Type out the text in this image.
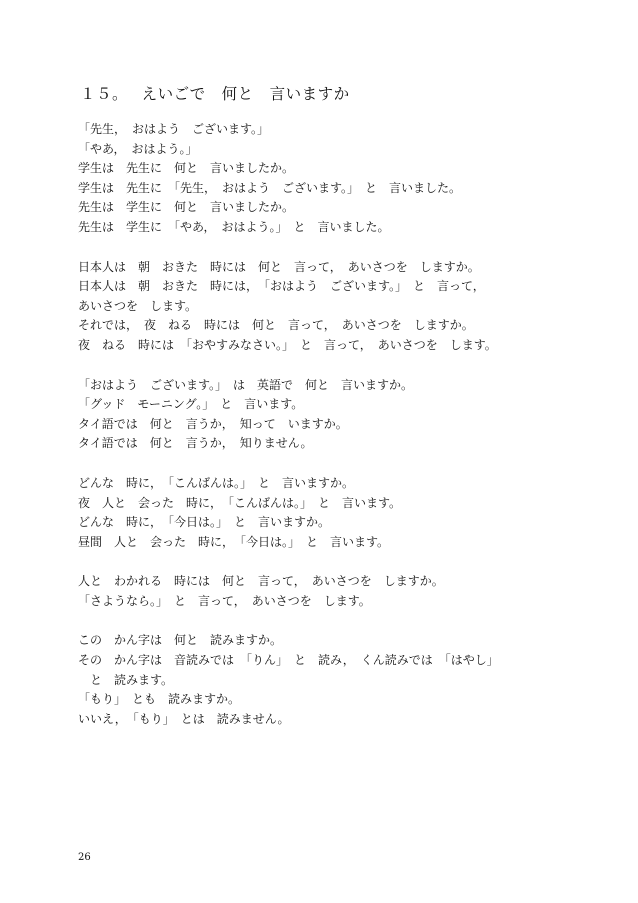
１５。　 えいごで　何と　言いますか
「先生，　おはよう　ございます。」
「やあ，　おはよう。」
学生は　先生に　何と　言いましたか。
学生は　先生に　「先生，　おはよう　ございます。」　と　言いました。
先生は　学生に　何と　言いましたか。
先生は　学生に　「やあ，　おはよう。」　と　言いました。
日本人は　朝　おきた　時には　何と　言って，　あいさつを　しますか。
日本人は　朝　おきた　時には，　「おはよう　ございます。」　と　言って，
あいさつを　します。
それでは，　夜　ねる　時には　何と　言って，　あいさつを　しますか。
夜　ねる　時には　「おやすみなさい。」　と　言って，　あいさつを　します。
「おはよう　ございます。」　は　英語で　何と　言いますか。
「グッド　モーニング。」　と　言います。
タイ語では　何と　言うか，　知って　いますか。
タイ語では　何と　言うか，　知りません。
どんな　時に，　「こんばんは。」　と　言いますか。
夜　人と　会った　時に，　「こんばんは。」　と　言います。
どんな　時に，　「今日は。」　と　言いますか。
昼間　人と　会った　時に，　「今日は。」　と　言います。
人と　わかれる　時には　何と　言って，　あいさつを　しますか。
「さようなら。」　と　言って，　あいさつを　します。
この　かん字は　何と　読みますか。
その　かん字は　音読みでは　「りん」　と　読み，　くん読みでは　「はやし」
　と　読みます。
「もり」　とも　読みますか。
いいえ，　「もり」　とは　読みません。
26
